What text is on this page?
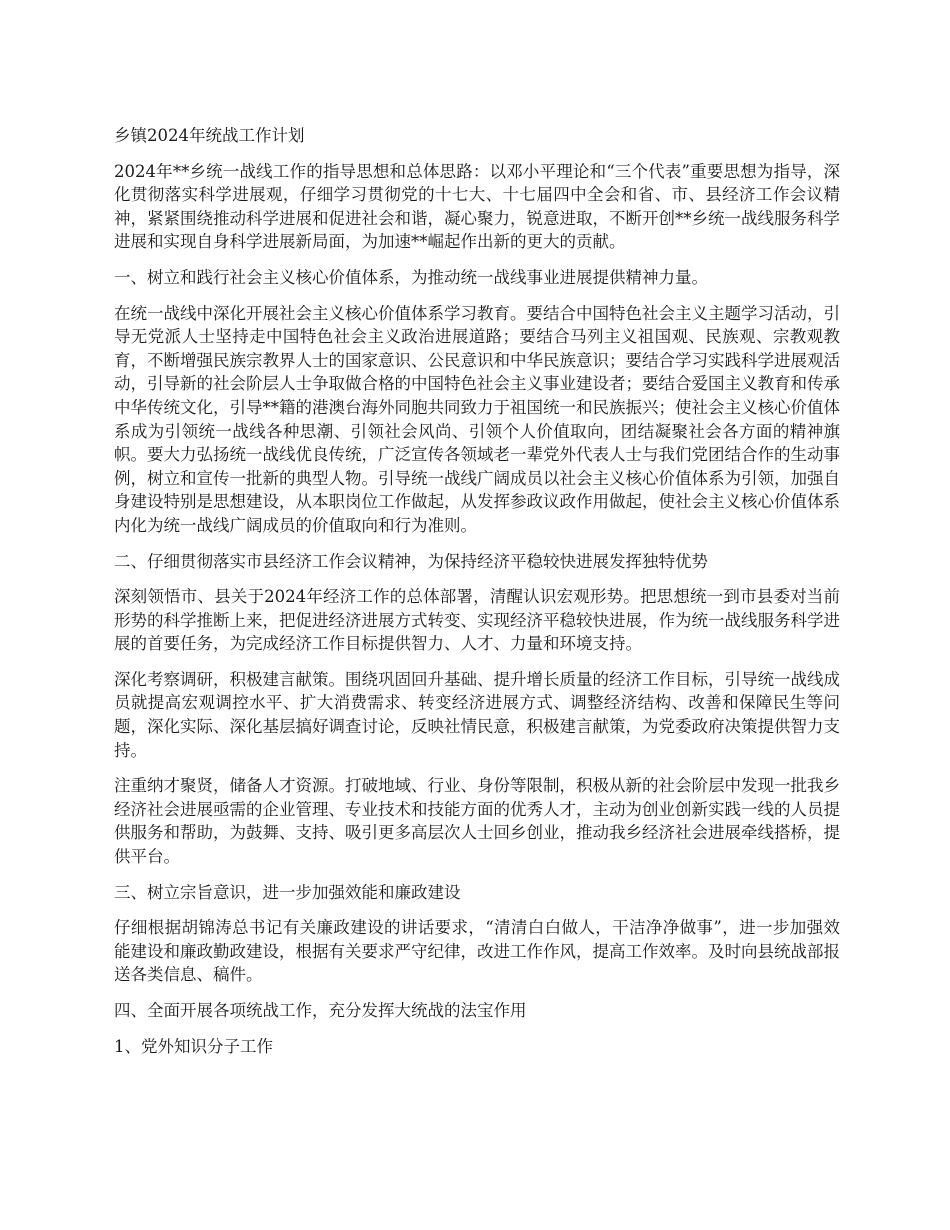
乡镇2024年统战工作计划

2024年**乡统一战线工作的指导思想和总体思路：以邓小平理论和“三个代表”重要思想为指导，深化贯彻落实科学进展观，仔细学习贯彻党的十七大、十七届四中全会和省、市、县经济工作会议精神，紧紧围绕推动科学进展和促进社会和谐，凝心聚力，锐意进取，不断开创**乡统一战线服务科学进展和实现自身科学进展新局面，为加速**崛起作出新的更大的贡献。

一、树立和践行社会主义核心价值体系，为推动统一战线事业进展提供精神力量。

在统一战线中深化开展社会主义核心价值体系学习教育。要结合中国特色社会主义主题学习活动，引导无党派人士坚持走中国特色社会主义政治进展道路；要结合马列主义祖国观、民族观、宗教观教育，不断增强民族宗教界人士的国家意识、公民意识和中华民族意识；要结合学习实践科学进展观活动，引导新的社会阶层人士争取做合格的中国特色社会主义事业建设者；要结合爱国主义教育和传承中华传统文化，引导**籍的港澳台海外同胞共同致力于祖国统一和民族振兴；使社会主义核心价值体系成为引领统一战线各种思潮、引领社会风尚、引领个人价值取向，团结凝聚社会各方面的精神旗帜。要大力弘扬统一战线优良传统，广泛宣传各领域老一辈党外代表人士与我们党团结合作的生动事例，树立和宣传一批新的典型人物。引导统一战线广阔成员以社会主义核心价值体系为引领，加强自身建设特别是思想建设，从本职岗位工作做起，从发挥参政议政作用做起，使社会主义核心价值体系内化为统一战线广阔成员的价值取向和行为准则。

二、仔细贯彻落实市县经济工作会议精神，为保持经济平稳较快进展发挥独特优势

深刻领悟市、县关于2024年经济工作的总体部署，清醒认识宏观形势。把思想统一到市县委对当前形势的科学推断上来，把促进经济进展方式转变、实现经济平稳较快进展，作为统一战线服务科学进展的首要任务，为完成经济工作目标提供智力、人才、力量和环境支持。

深化考察调研，积极建言献策。围绕巩固回升基础、提升增长质量的经济工作目标，引导统一战线成员就提高宏观调控水平、扩大消费需求、转变经济进展方式、调整经济结构、改善和保障民生等问题，深化实际、深化基层搞好调查讨论，反映社情民意，积极建言献策，为党委政府决策提供智力支持。

注重纳才聚贤，储备人才资源。打破地域、行业、身份等限制，积极从新的社会阶层中发现一批我乡经济社会进展亟需的企业管理、专业技术和技能方面的优秀人才，主动为创业创新实践一线的人员提供服务和帮助，为鼓舞、支持、吸引更多高层次人士回乡创业，推动我乡经济社会进展牵线搭桥，提供平台。

三、树立宗旨意识，进一步加强效能和廉政建设

仔细根据胡锦涛总书记有关廉政建设的讲话要求，“清清白白做人，干洁净净做事”，进一步加强效能建设和廉政勤政建设，根据有关要求严守纪律，改进工作作风，提高工作效率。及时向县统战部报送各类信息、稿件。

四、全面开展各项统战工作，充分发挥大统战的法宝作用

1、党外知识分子工作
